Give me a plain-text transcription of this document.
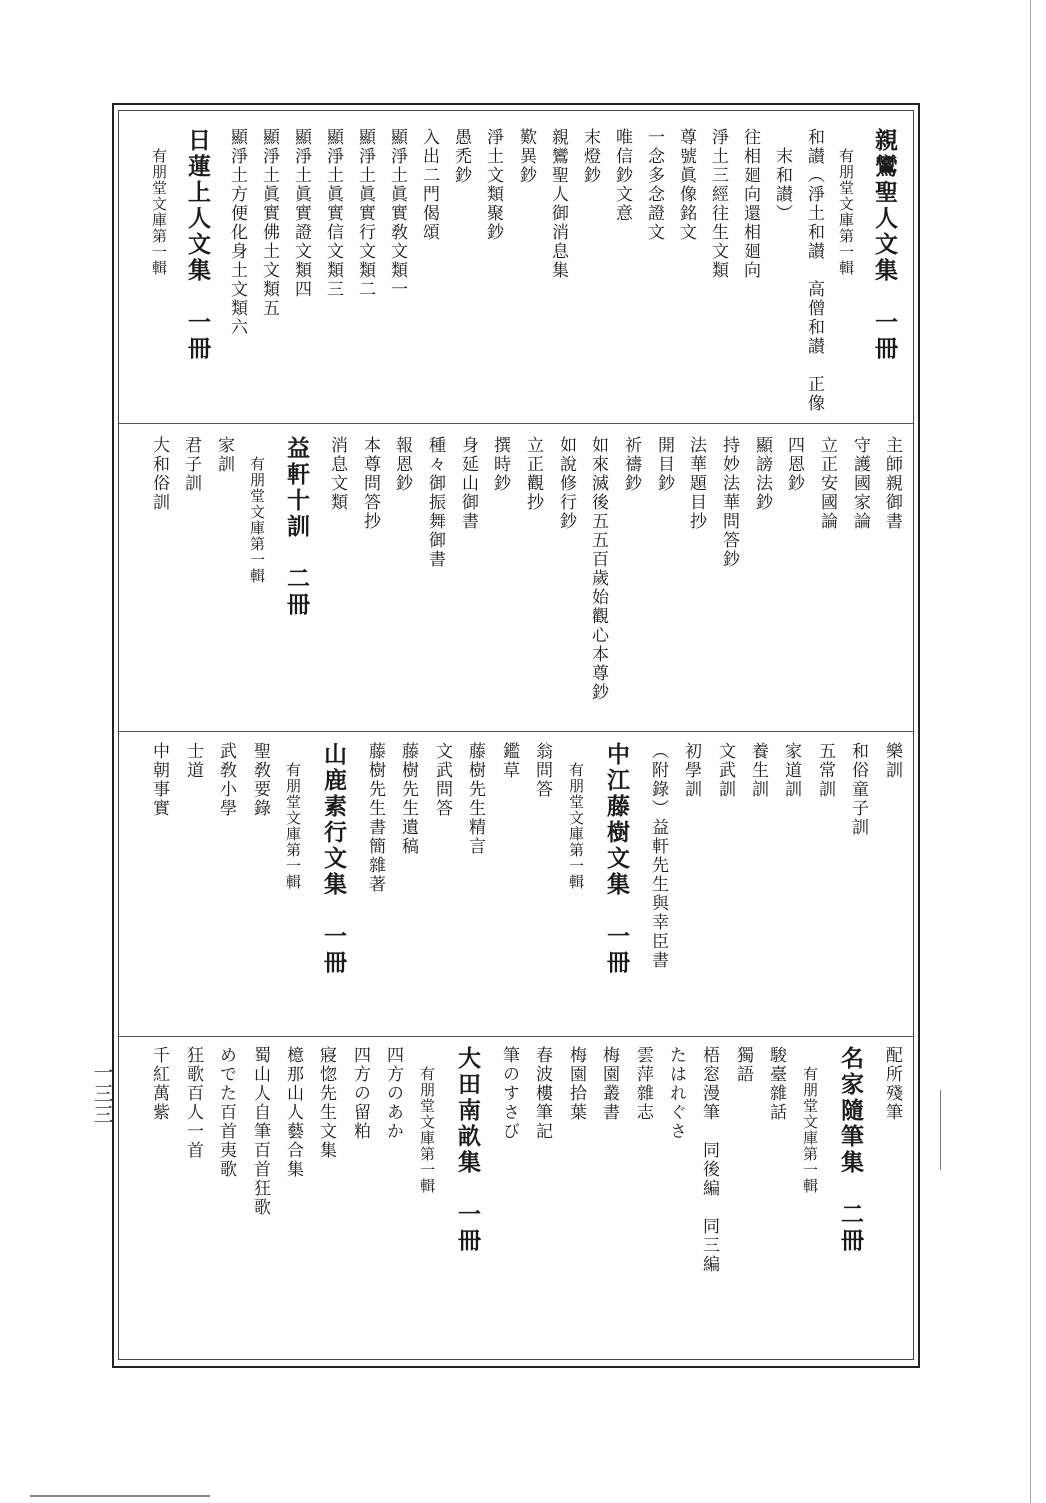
親鸞聖人文集　一冊
有朋堂文庫第一輯
和讃（淨土和讃　高僧和讃　正像
　末和讃）
往相廻向還相廻向
淨土三經往生文類
尊號眞像銘文
一念多念證文
唯信鈔文意
末燈鈔
親鸞聖人御消息集
歎異鈔
淨土文類聚鈔
愚禿鈔
入出二門偈頌
顯淨土眞實敎文類一
顯淨土眞實行文類二
顯淨土眞實信文類三
顯淨土眞實證文類四
顯淨土眞實佛土文類五
顯淨土方便化身土文類六
日蓮上人文集　一冊
有朋堂文庫第一輯
主師親御書
守護國家論
立正安國論
四恩鈔
顯謗法鈔
持妙法華問答鈔
法華題目抄
開目鈔
祈禱鈔
如來滅後五五百歲始觀心本尊鈔
如說修行鈔
立正觀抄
撰時鈔
身延山御書
種々御振舞御書
報恩鈔
本尊問答抄
消息文類
益軒十訓　二冊
有朋堂文庫第一輯
家訓
君子訓
大和俗訓
樂訓
和俗童子訓
五常訓
家道訓
養生訓
文武訓
初學訓
（附錄）益軒先生與幸臣書
中江藤樹文集　一冊
有朋堂文庫第一輯
翁問答
鑑草
藤樹先生精言
文武問答
藤樹先生遺稿
藤樹先生書簡雜著
山鹿素行文集　一冊
有朋堂文庫第一輯
聖敎要錄
武敎小學
士道
中朝事實
配所殘筆
名家隨筆集　二冊
有朋堂文庫第一輯
駿臺雜話
獨語
梧窓漫筆　同後編　同三編
たはれぐさ
雲萍雜志
梅園叢書
梅園拾葉
春波樓筆記
筆のすさび
大田南畝集　一冊
有朋堂文庫第一輯
四方のあか
四方の留粕
寢惚先生文集
檍那山人藝合集
蜀山人自筆百首狂歌
めでた百首夷歌
狂歌百人一首
千紅萬紫
一三三
